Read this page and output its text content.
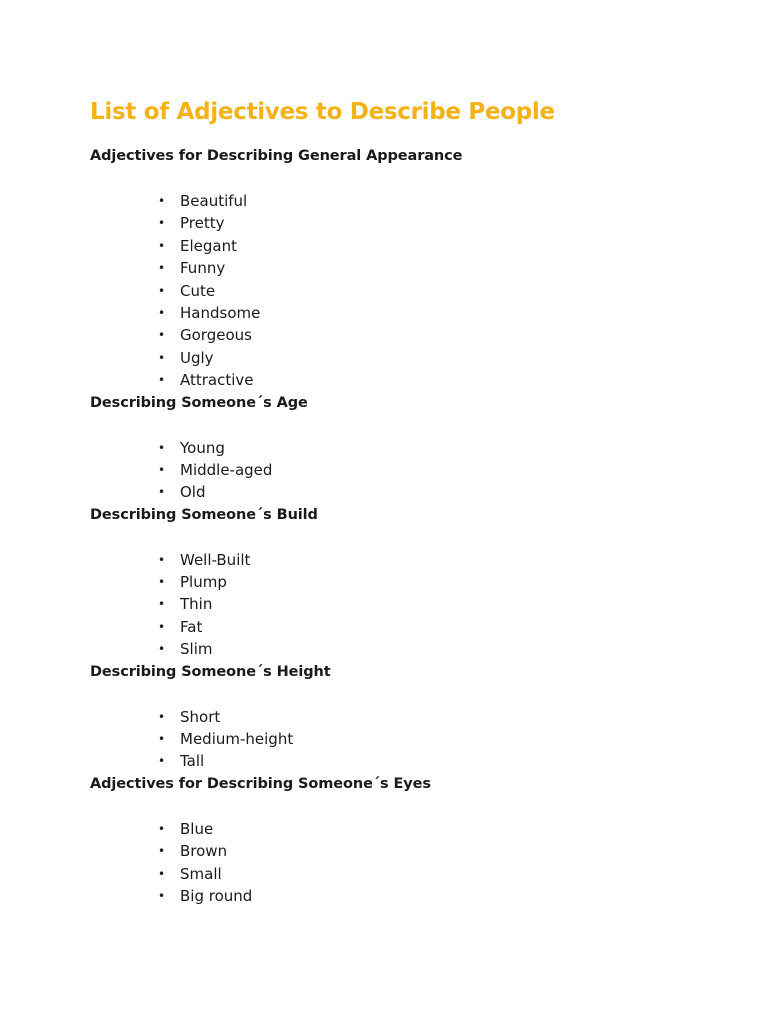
List of Adjectives to Describe People
Adjectives for Describing General Appearance
• Beautiful
• Pretty
• Elegant
• Funny
• Cute
• Handsome
• Gorgeous
• Ugly
• Attractive
Describing Someone´s Age
• Young
• Middle-aged
• Old
Describing Someone´s Build
• Well-Built
• Plump
• Thin
• Fat
• Slim
Describing Someone´s Height
• Short
• Medium-height
• Tall
Adjectives for Describing Someone´s Eyes
• Blue
• Brown
• Small
• Big round
